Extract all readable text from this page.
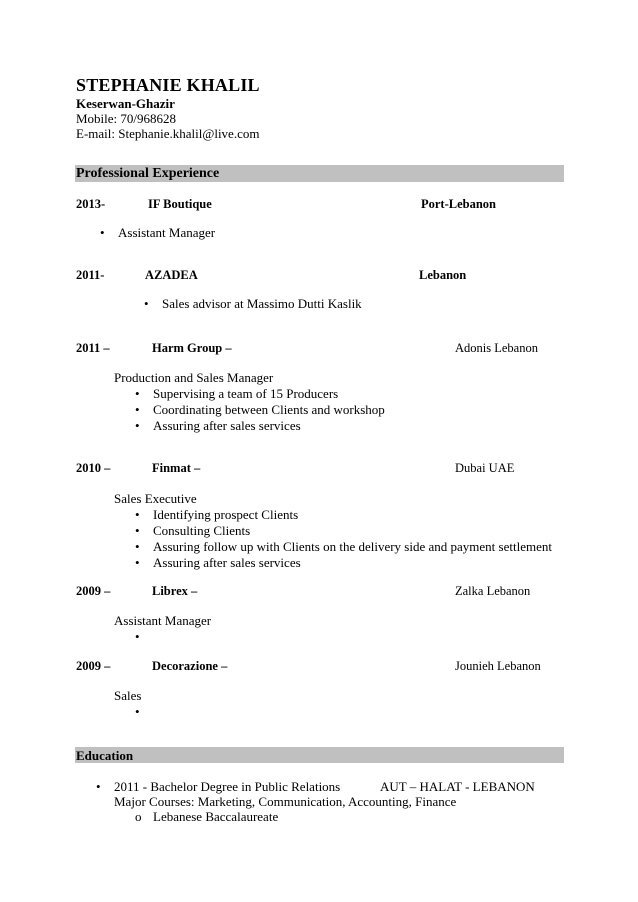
STEPHANIE KHALIL
Keserwan-Ghazir
Mobile: 70/968628
E-mail: Stephanie.khalil@live.com
Professional Experience
2013-	IF Boutique	Port-Lebanon
• Assistant Manager
2011-	AZADEA	Lebanon
• Sales advisor at Massimo Dutti Kaslik
2011 –	Harm Group –	Adonis Lebanon
Production and Sales Manager
• Supervising a team of 15 Producers
• Coordinating between Clients and workshop
• Assuring after sales services
2010 –	Finmat –	Dubai UAE
Sales Executive
• Identifying prospect Clients
• Consulting Clients
• Assuring follow up with Clients on the delivery side and payment settlement
• Assuring after sales services
2009 –	Librex –	Zalka Lebanon
Assistant Manager
2009 –	Decorazione –	Jounieh Lebanon
Sales
Education
• 2011 - Bachelor Degree in Public Relations	AUT – HALAT - LEBANON
Major Courses: Marketing, Communication, Accounting, Finance
o Lebanese Baccalaureate
